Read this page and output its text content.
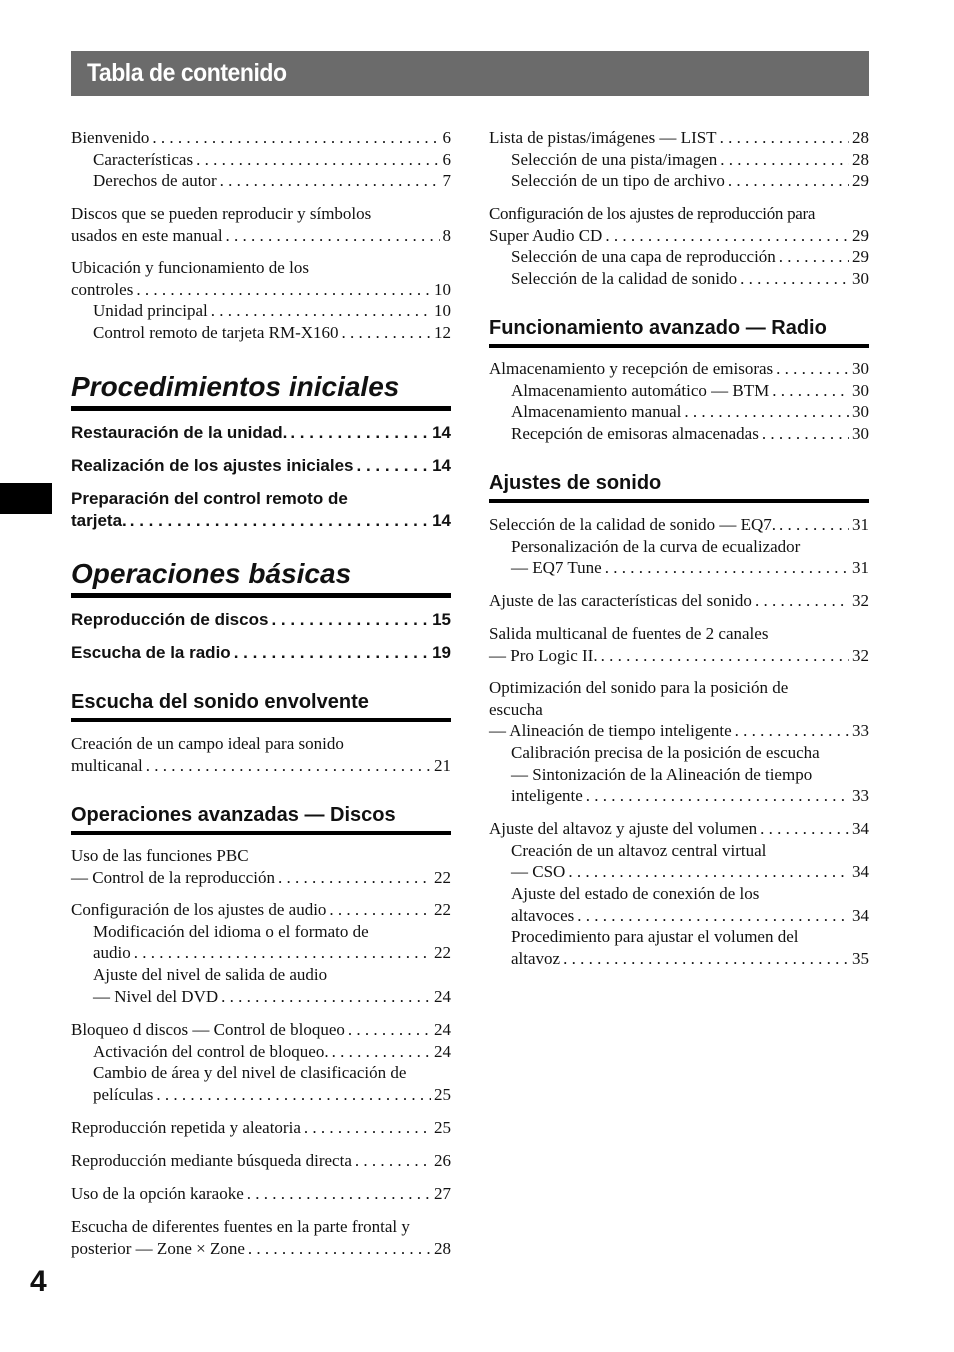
Tabla de contenido
4
Bienvenido . . .	6
Características . . .	6
Derechos de autor . . .	7
Discos que se pueden reproducir y símbolos
usados en este manual . . .	8
Ubicación y funcionamiento de los
controles . . .	10
Unidad principal . . .	10
Control remoto de tarjeta RM-X160 . . .	12
Procedimientos iniciales
Restauración de la unidad. . . .	14
Realización de los ajustes iniciales . . .	14
Preparación del control remoto de
tarjeta. . . .	14
Operaciones básicas
Reproducción de discos . . .	15
Escucha de la radio . . .	19
Escucha del sonido envolvente
Creación de un campo ideal para sonido
multicanal . . .	21
Operaciones avanzadas — Discos
Uso de las funciones PBC
— Control de la reproducción . . .	22
Configuración de los ajustes de audio . . .	22
Modificación del idioma o el formato de
audio . . .	22
Ajuste del nivel de salida de audio
— Nivel del DVD . . .	24
Bloqueo d discos — Control de bloqueo . . .	24
Activación del control de bloqueo. . . .	24
Cambio de área y del nivel de clasificación de
películas . . .	25
Reproducción repetida y aleatoria . . .	25
Reproducción mediante búsqueda directa . . .	26
Uso de la opción karaoke . . .	27
Escucha de diferentes fuentes en la parte frontal y
posterior — Zone × Zone . . .	28
Lista de pistas/imágenes — LIST . . .	28
Selección de una pista/imagen . . .	28
Selección de un tipo de archivo . . .	29
Configuración de los ajustes de reproducción para
Super Audio CD . . .	29
Selección de una capa de reproducción . . .	29
Selección de la calidad de sonido . . .	30
Funcionamiento avanzado — Radio
Almacenamiento y recepción de emisoras . . .	30
Almacenamiento automático — BTM . . .	30
Almacenamiento manual . . .	30
Recepción de emisoras almacenadas . . .	30
Ajustes de sonido
Selección de la calidad de sonido — EQ7. . . .	31
Personalización de la curva de ecualizador
— EQ7 Tune . . .	31
Ajuste de las características del sonido . . .	32
Salida multicanal de fuentes de 2 canales
— Pro Logic II. . . .	32
Optimización del sonido para la posición de
escucha
— Alineación de tiempo inteligente . . .	33
Calibración precisa de la posición de escucha
— Sintonización de la Alineación de tiempo
inteligente . . .	33
Ajuste del altavoz y ajuste del volumen . . .	34
Creación de un altavoz central virtual
— CSO . . .	34
Ajuste del estado de conexión de los
altavoces . . .	34
Procedimiento para ajustar el volumen del
altavoz . . .	35
